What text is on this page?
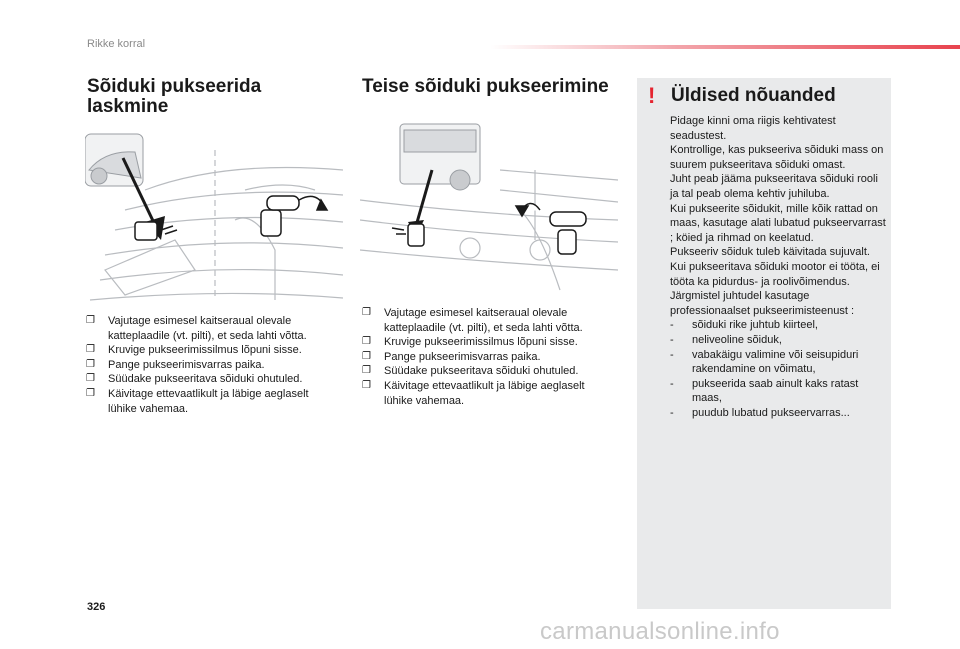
Rikke korral
Sõiduki pukseerida laskmine
❐ Vajutage esimesel kaitseraual olevale katteplaadile (vt. pilti), et seda lahti võtta.
❐ Kruvige pukseerimissilmus lõpuni sisse.
❐ Pange pukseerimisvarras paika.
❐ Süüdake pukseeritava sõiduki ohutuled.
❐ Käivitage ettevaatlikult ja läbige aeglaselt lühike vahemaa.
Teise sõiduki pukseerimine
❐ Vajutage esimesel kaitseraual olevale katteplaadile (vt. pilti), et seda lahti võtta.
❐ Kruvige pukseerimissilmus lõpuni sisse.
❐ Pange pukseerimisvarras paika.
❐ Süüdake pukseeritava sõiduki ohutuled.
❐ Käivitage ettevaatlikult ja läbige aeglaselt lühike vahemaa.
! Üldised nõuanded

Pidage kinni oma riigis kehtivatest seadustest.

Kontrollige, kas pukseeriva sõiduki mass on suurem pukseeritava sõiduki omast.

Juht peab jääma pukseeritava sõiduki rooli ja tal peab olema kehtiv juhiluba.

Kui pukseerite sõidukit, mille kõik rattad on maas, kasutage alati lubatud pukseervarrast ; köied ja rihmad on keelatud.

Pukseeriv sõiduk tuleb käivitada sujuvalt.

Kui pukseeritava sõiduki mootor ei tööta, ei tööta ka pidurdus- ja roolivõimendus.

Järgmistel juhtudel kasutage professionaalset pukseerimisteenust :

- sõiduki rike juhtub kiirteel,
- neliveoline sõiduk,
- vabakäigu valimine või seisupiduri rakendamine on võimatu,
- pukseerida saab ainult kaks ratast maas,
- puudub lubatud pukseervarras...
326
carmanualsonline.info
